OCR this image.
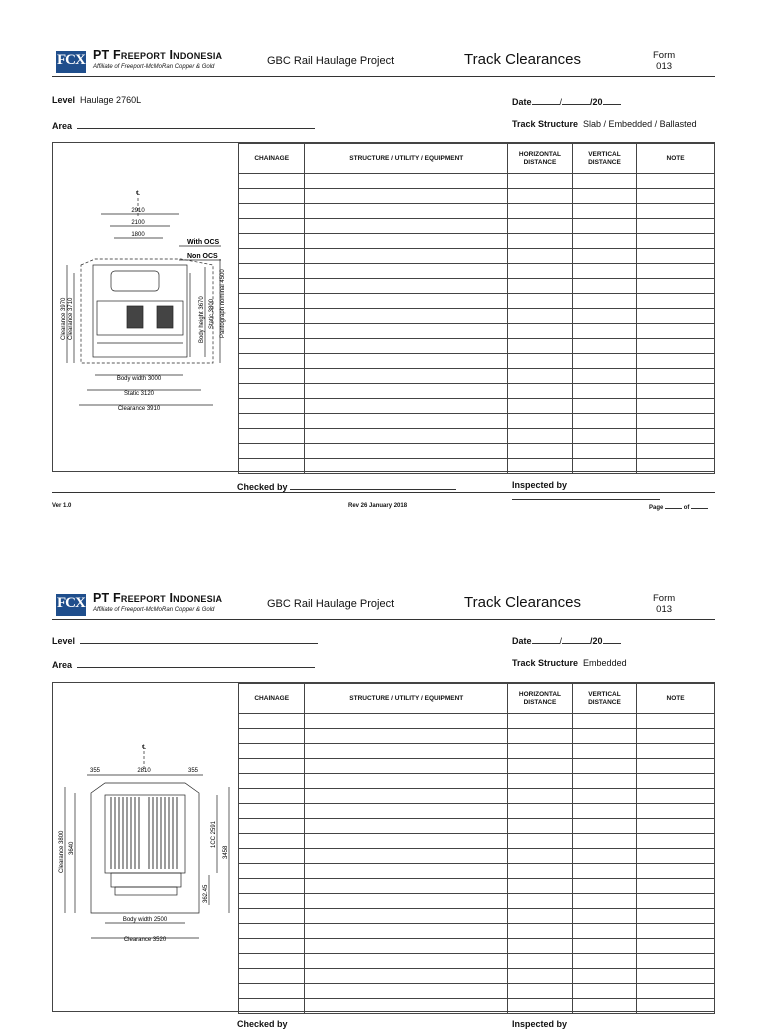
FCX PT Freeport Indonesia
Affiliate of Freeport-McMoRan Copper & Gold	GBC Rail Haulage Project	Track Clearances	Form
013
Level Haulage 2760L	Date	/	/20
Area	Track Structure Slab / Embedded / Ballasted
℄
2910
2100
1800
With OCS
Non OCS
Clearance 3970 Clearance 3710	Body height 3670 Static 3800 Pantograph nominal 4500
Body width 3000
Static 3120
Clearance 3910
CHAINAGE	STRUCTURE / UTILITY / EQUIPMENT	HORIZONTAL DISTANCE	VERTICAL DISTANCE	NOTE

Checked by	Inspected by
Ver 1.0	Rev 26 January 2018	Page	of
FCX PT Freeport Indonesia
Affiliate of Freeport-McMoRan Copper & Gold	GBC Rail Haulage Project	Track Clearances	Form
013
Level	Date	/	/20
Area	Track Structure Embedded
℄
355	2810	355
Clearance 3800 3640
1CC 2591
3458
362.45
Body width 2500
Clearance 3520
CHAINAGE	STRUCTURE / UTILITY / EQUIPMENT	HORIZONTAL DISTANCE	VERTICAL DISTANCE	NOTE

Checked by	Inspected by
